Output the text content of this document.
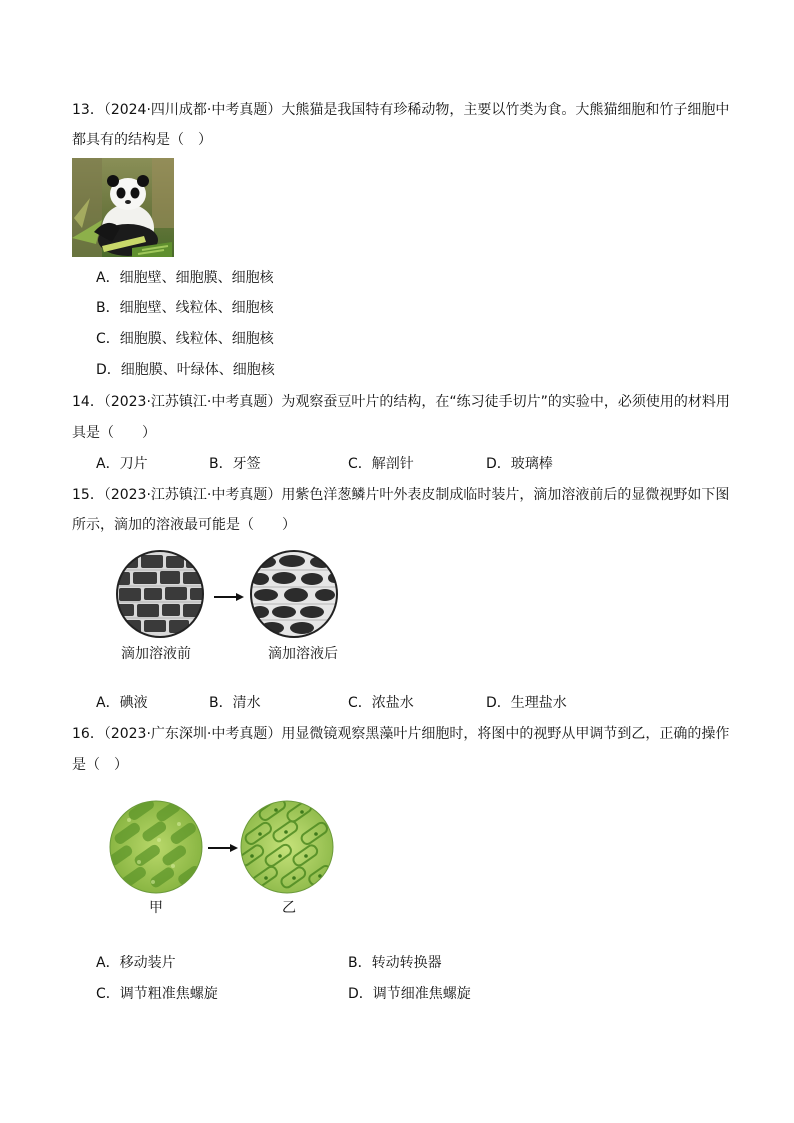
13．（2024·四川成都·中考真题）大熊猫是我国特有珍稀动物，主要以竹类为食。大熊猫细胞和竹子细胞中
都具有的结构是（　）
A．细胞壁、细胞膜、细胞核
B．细胞壁、线粒体、细胞核
C．细胞膜、线粒体、细胞核
D．细胞膜、叶绿体、细胞核
14．（2023·江苏镇江·中考真题）为观察蚕豆叶片的结构，在“练习徒手切片”的实验中，必须使用的材料用
具是（　　）
A．刀片	B．牙签	C．解剖针	D．玻璃棒
15．（2023·江苏镇江·中考真题）用紫色洋葱鳞片叶外表皮制成临时装片，滴加溶液前后的显微视野如下图
所示，滴加的溶液最可能是（　　）
滴加溶液前	滴加溶液后
A．碘液	B．清水	C．浓盐水	D．生理盐水
16．（2023·广东深圳·中考真题）用显微镜观察黑藻叶片细胞时，将图中的视野从甲调节到乙，正确的操作
是（　）
甲	乙
A．移动装片	B．转动转换器
C．调节粗准焦螺旋	D．调节细准焦螺旋
